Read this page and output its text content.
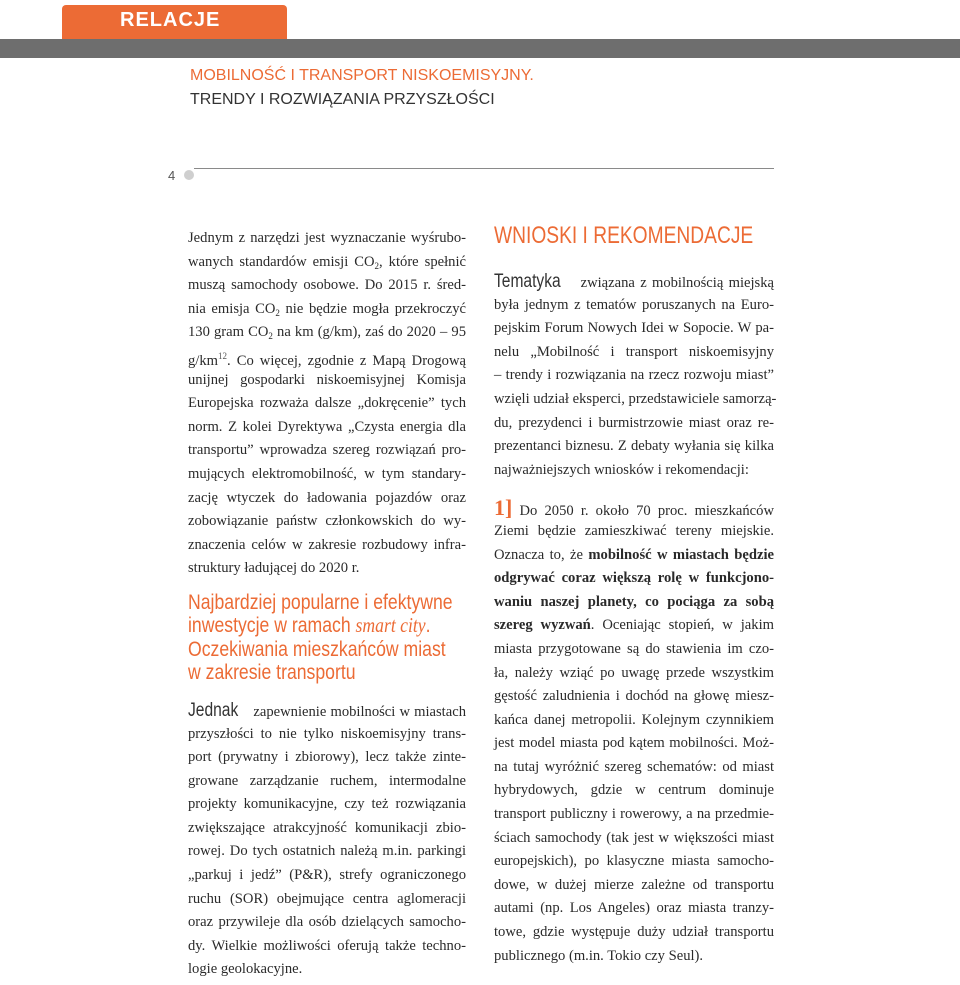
RELACJE
MOBILNOŚĆ I TRANSPORT NISKOEMISYJNY.
TRENDY I ROZWIĄZANIA PRZYSZŁOŚCI
4
Jednym z narzędzi jest wyznaczanie wyśrubo-
wanych standardów emisji $CO_2$, które spełnić
muszą samochody osobowe. Do 2015 r. śred-
nia emisja $CO_2$ nie będzie mogła przekroczyć
130 gram $CO_2$ na km (g/km), zaś do 2020 – 95
$g/km^{12}$. Co więcej, zgodnie z Mapą Drogową
unijnej gospodarki niskoemisyjnej Komisja
Europejska rozważa dalsze „dokręcenie” tych
norm. Z kolei Dyrektywa „Czysta energia dla
transportu” wprowadza szereg rozwiązań pro-
mujących elektromobilność, w tym standary-
zację wtyczek do ładowania pojazdów oraz
zobowiązanie państw członkowskich do wy-
znaczenia celów w zakresie rozbudowy infra-
struktury ładującej do 2020 r.
Najbardziej popularne i efektywne
inwestycje w ramach smart city.
Oczekiwania mieszkańców miast
w zakresie transportu
Jednak zapewnienie mobilności w miastach
przyszłości to nie tylko niskoemisyjny trans-
port (prywatny i zbiorowy), lecz także zinte-
growane zarządzanie ruchem, intermodalne
projekty komunikacyjne, czy też rozwiązania
zwiększające atrakcyjność komunikacji zbio-
rowej. Do tych ostatnich należą m.in. parkingi
„parkuj i jedź” (P&R), strefy ograniczonego
ruchu (SOR) obejmujące centra aglomeracji
oraz przywileje dla osób dzielących samocho-
dy. Wielkie możliwości oferują także techno-
logie geolokacyjne.
WNIOSKI I REKOMENDACJE
Tematyka związana z mobilnością miejską
była jednym z tematów poruszanych na Euro-
pejskim Forum Nowych Idei w Sopocie. W pa-
nelu „Mobilność i transport niskoemisyjny
– trendy i rozwiązania na rzecz rozwoju miast”
wzięli udział eksperci, przedstawiciele samorzą-
du, prezydenci i burmistrzowie miast oraz re-
prezentanci biznesu. Z debaty wyłania się kilka
najważniejszych wniosków i rekomendacji:
1] Do 2050 r. około 70 proc. mieszkańców
Ziemi będzie zamieszkiwać tereny miejskie.
Oznacza to, że mobilność w miastach będzie
odgrywać coraz większą rolę w funkcjono-
waniu naszej planety, co pociąga za sobą
szereg wyzwań. Oceniając stopień, w jakim
miasta przygotowane są do stawienia im czo-
ła, należy wziąć po uwagę przede wszystkim
gęstość zaludnienia i dochód na głowę miesz-
kańca danej metropolii. Kolejnym czynnikiem
jest model miasta pod kątem mobilności. Moż-
na tutaj wyróżnić szereg schematów: od miast
hybrydowych, gdzie w centrum dominuje
transport publiczny i rowerowy, a na przedmie-
ściach samochody (tak jest w większości miast
europejskich), po klasyczne miasta samocho-
dowe, w dużej mierze zależne od transportu
autami (np. Los Angeles) oraz miasta tranzy-
towe, gdzie występuje duży udział transportu
publicznego (m.in. Tokio czy Seul).
